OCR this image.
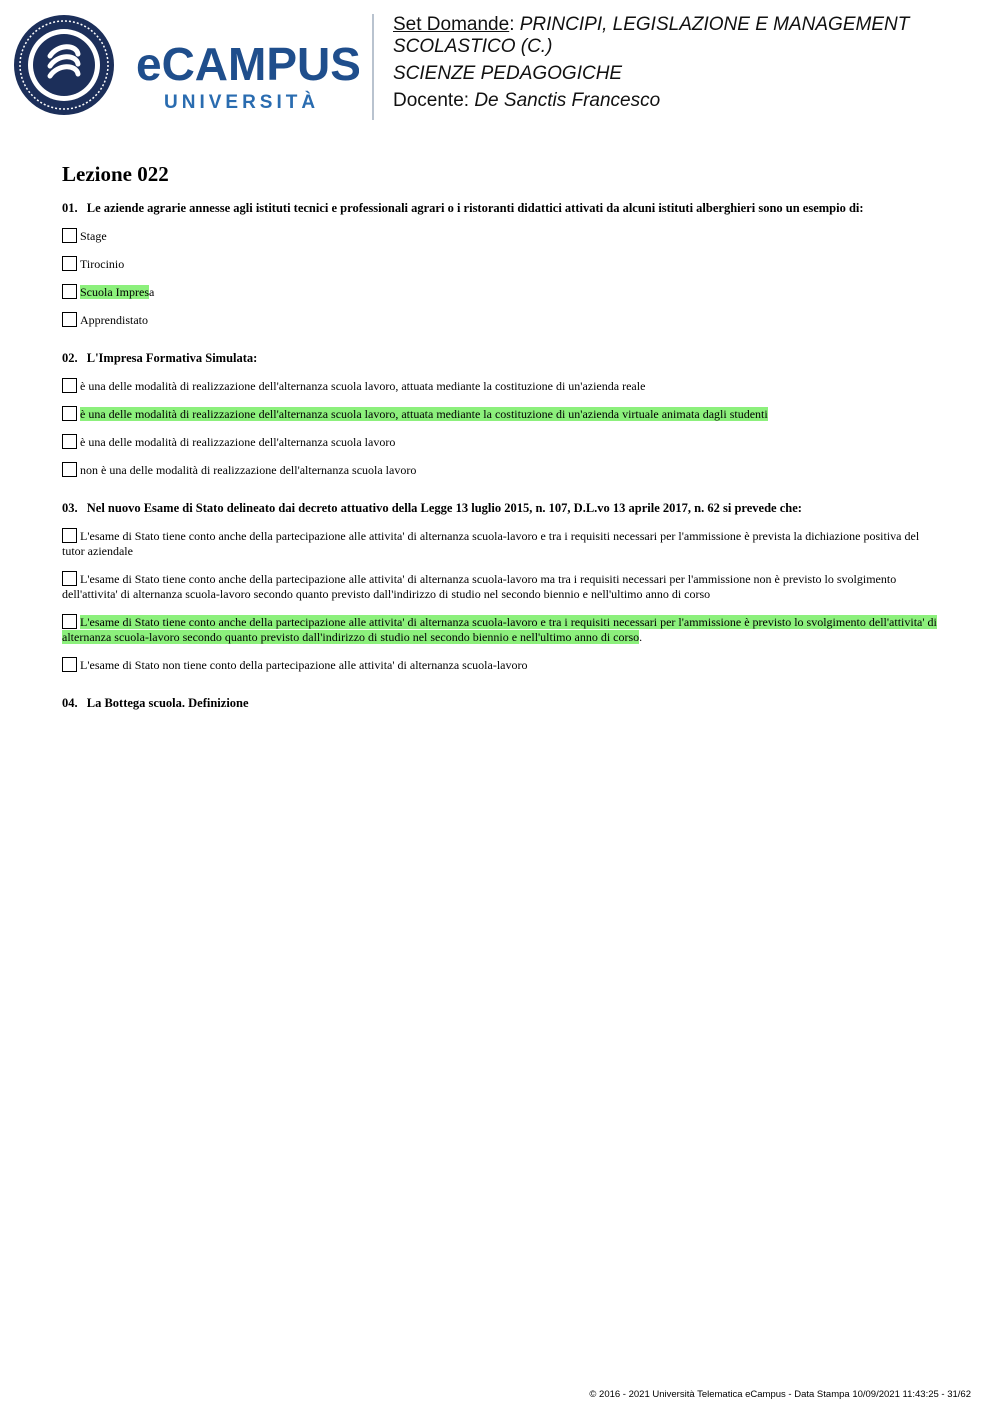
eCAMPUS
UNIVERSITÀ
Set Domande: PRINCIPI, LEGISLAZIONE E MANAGEMENT SCOLASTICO (C.)
SCIENZE PEDAGOGICHE
Docente: De Sanctis Francesco
Lezione 022
01. Le aziende agrarie annesse agli istituti tecnici e professionali agrari o i ristoranti didattici attivati da alcuni istituti alberghieri sono un esempio di:
Stage
Tirocinio
Scuola Impresa
Apprendistato
02. L'Impresa Formativa Simulata:
è una delle modalità di realizzazione dell'alternanza scuola lavoro, attuata mediante la costituzione di un'azienda reale
è una delle modalità di realizzazione dell'alternanza scuola lavoro, attuata mediante la costituzione di un'azienda virtuale animata dagli studenti
è una delle modalità di realizzazione dell'alternanza scuola lavoro
non è una delle modalità di realizzazione dell'alternanza scuola lavoro
03. Nel nuovo Esame di Stato delineato dai decreto attuativo della Legge 13 luglio 2015, n. 107, D.L.vo 13 aprile 2017, n. 62 si prevede che:
L'esame di Stato tiene conto anche della partecipazione alle attivita' di alternanza scuola-lavoro e tra i requisiti necessari per l'ammissione è prevista la dichiazione positiva del tutor aziendale
L'esame di Stato tiene conto anche della partecipazione alle attivita' di alternanza scuola-lavoro ma tra i requisiti necessari per l'ammissione non è previsto lo svolgimento dell'attivita' di alternanza scuola-lavoro secondo quanto previsto dall'indirizzo di studio nel secondo biennio e nell'ultimo anno di corso
L'esame di Stato tiene conto anche della partecipazione alle attivita' di alternanza scuola-lavoro e tra i requisiti necessari per l'ammissione è previsto lo svolgimento dell'attivita' di alternanza scuola-lavoro secondo quanto previsto dall'indirizzo di studio nel secondo biennio e nell'ultimo anno di corso.
L'esame di Stato non tiene conto della partecipazione alle attivita' di alternanza scuola-lavoro
04. La Bottega scuola. Definizione
© 2016 - 2021 Università Telematica eCampus - Data Stampa 10/09/2021 11:43:25 - 31/62
